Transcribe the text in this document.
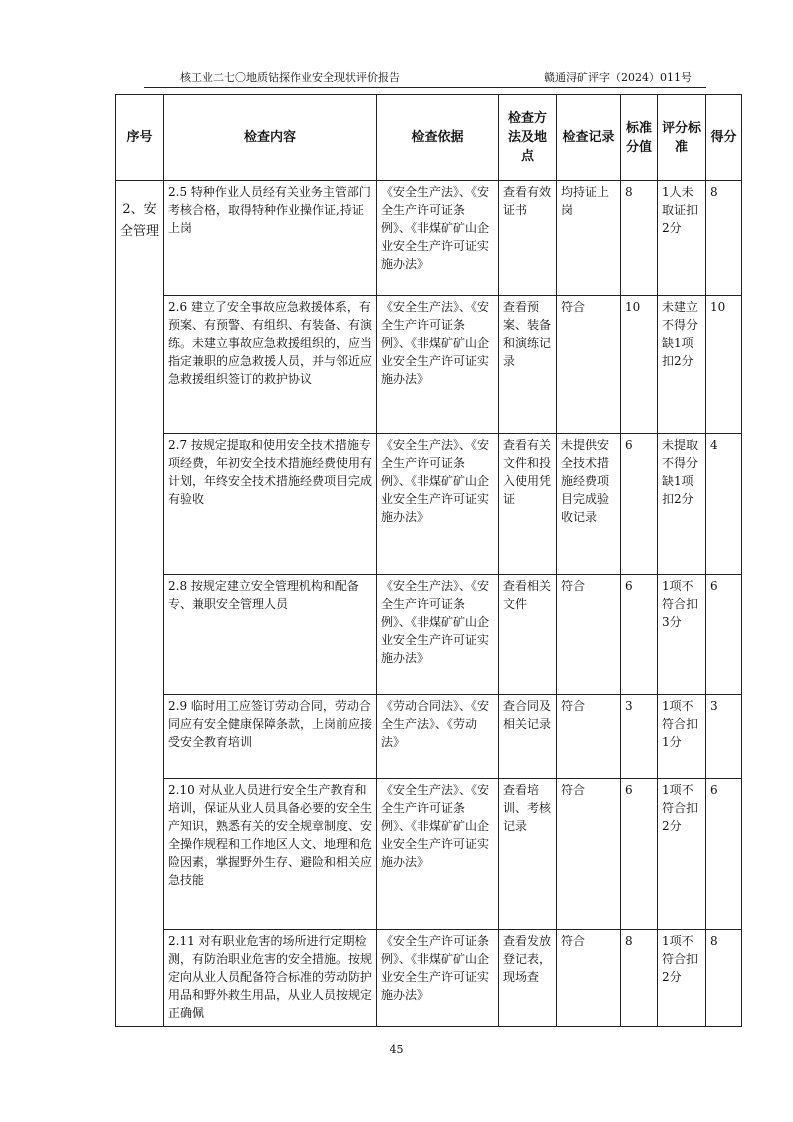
核工业二七〇地质钻探作业安全现状评价报告	赣通浔矿评字（2024）011号
序号	检查内容	检查依据	检查方法及地点	检查记录	标准分值	评分标准	得分
2、安全管理	2.5 特种作业人员经有关业务主管部门考核合格，取得特种作业操作证,持证上岗	《安全生产法》、《安全生产许可证条例》、《非煤矿矿山企业安全生产许可证实施办法》	查看有效证书	均持证上岗	8	1人未取证扣2分	8
	2.6 建立了安全事故应急救援体系，有预案、有预警、有组织、有装备、有演练。未建立事故应急救援组织的，应当指定兼职的应急救援人员，并与邻近应急救援组织签订的救护协议	《安全生产法》、《安全生产许可证条例》、《非煤矿矿山企业安全生产许可证实施办法》	查看预案、装备和演练记录	符合	10	未建立不得分缺1项扣2分	10
	2.7 按规定提取和使用安全技术措施专项经费，年初安全技术措施经费使用有计划，年终安全技术措施经费项目完成有验收	《安全生产法》、《安全生产许可证条例》、《非煤矿矿山企业安全生产许可证实施办法》	查看有关文件和投入使用凭证	未提供安全技术措施经费项目完成验收记录	6	未提取不得分缺1项扣2分	4
	2.8 按规定建立安全管理机构和配备专、兼职安全管理人员	《安全生产法》、《安全生产许可证条例》、《非煤矿矿山企业安全生产许可证实施办法》	查看相关文件	符合	6	1项不符合扣3分	6
	2.9 临时用工应签订劳动合同，劳动合同应有安全健康保障条款，上岗前应接受安全教育培训	《劳动合同法》、《安全生产法》、《劳动法》	查合同及相关记录	符合	3	1项不符合扣1分	3
	2.10 对从业人员进行安全生产教育和培训，保证从业人员具备必要的安全生产知识，熟悉有关的安全规章制度、安全操作规程和工作地区人文、地理和危险因素，掌握野外生存、避险和相关应急技能	《安全生产法》、《安全生产许可证条例》、《非煤矿矿山企业安全生产许可证实施办法》	查看培训、考核记录	符合	6	1项不符合扣2分	6
	2.11 对有职业危害的场所进行定期检测，有防治职业危害的安全措施。按规定向从业人员配备符合标准的劳动防护用品和野外救生用品，从业人员按规定正确佩	《安全生产许可证条例》、《非煤矿矿山企业安全生产许可证实施办法》	查看发放登记表，现场查	符合	8	1项不符合扣2分	8
45
